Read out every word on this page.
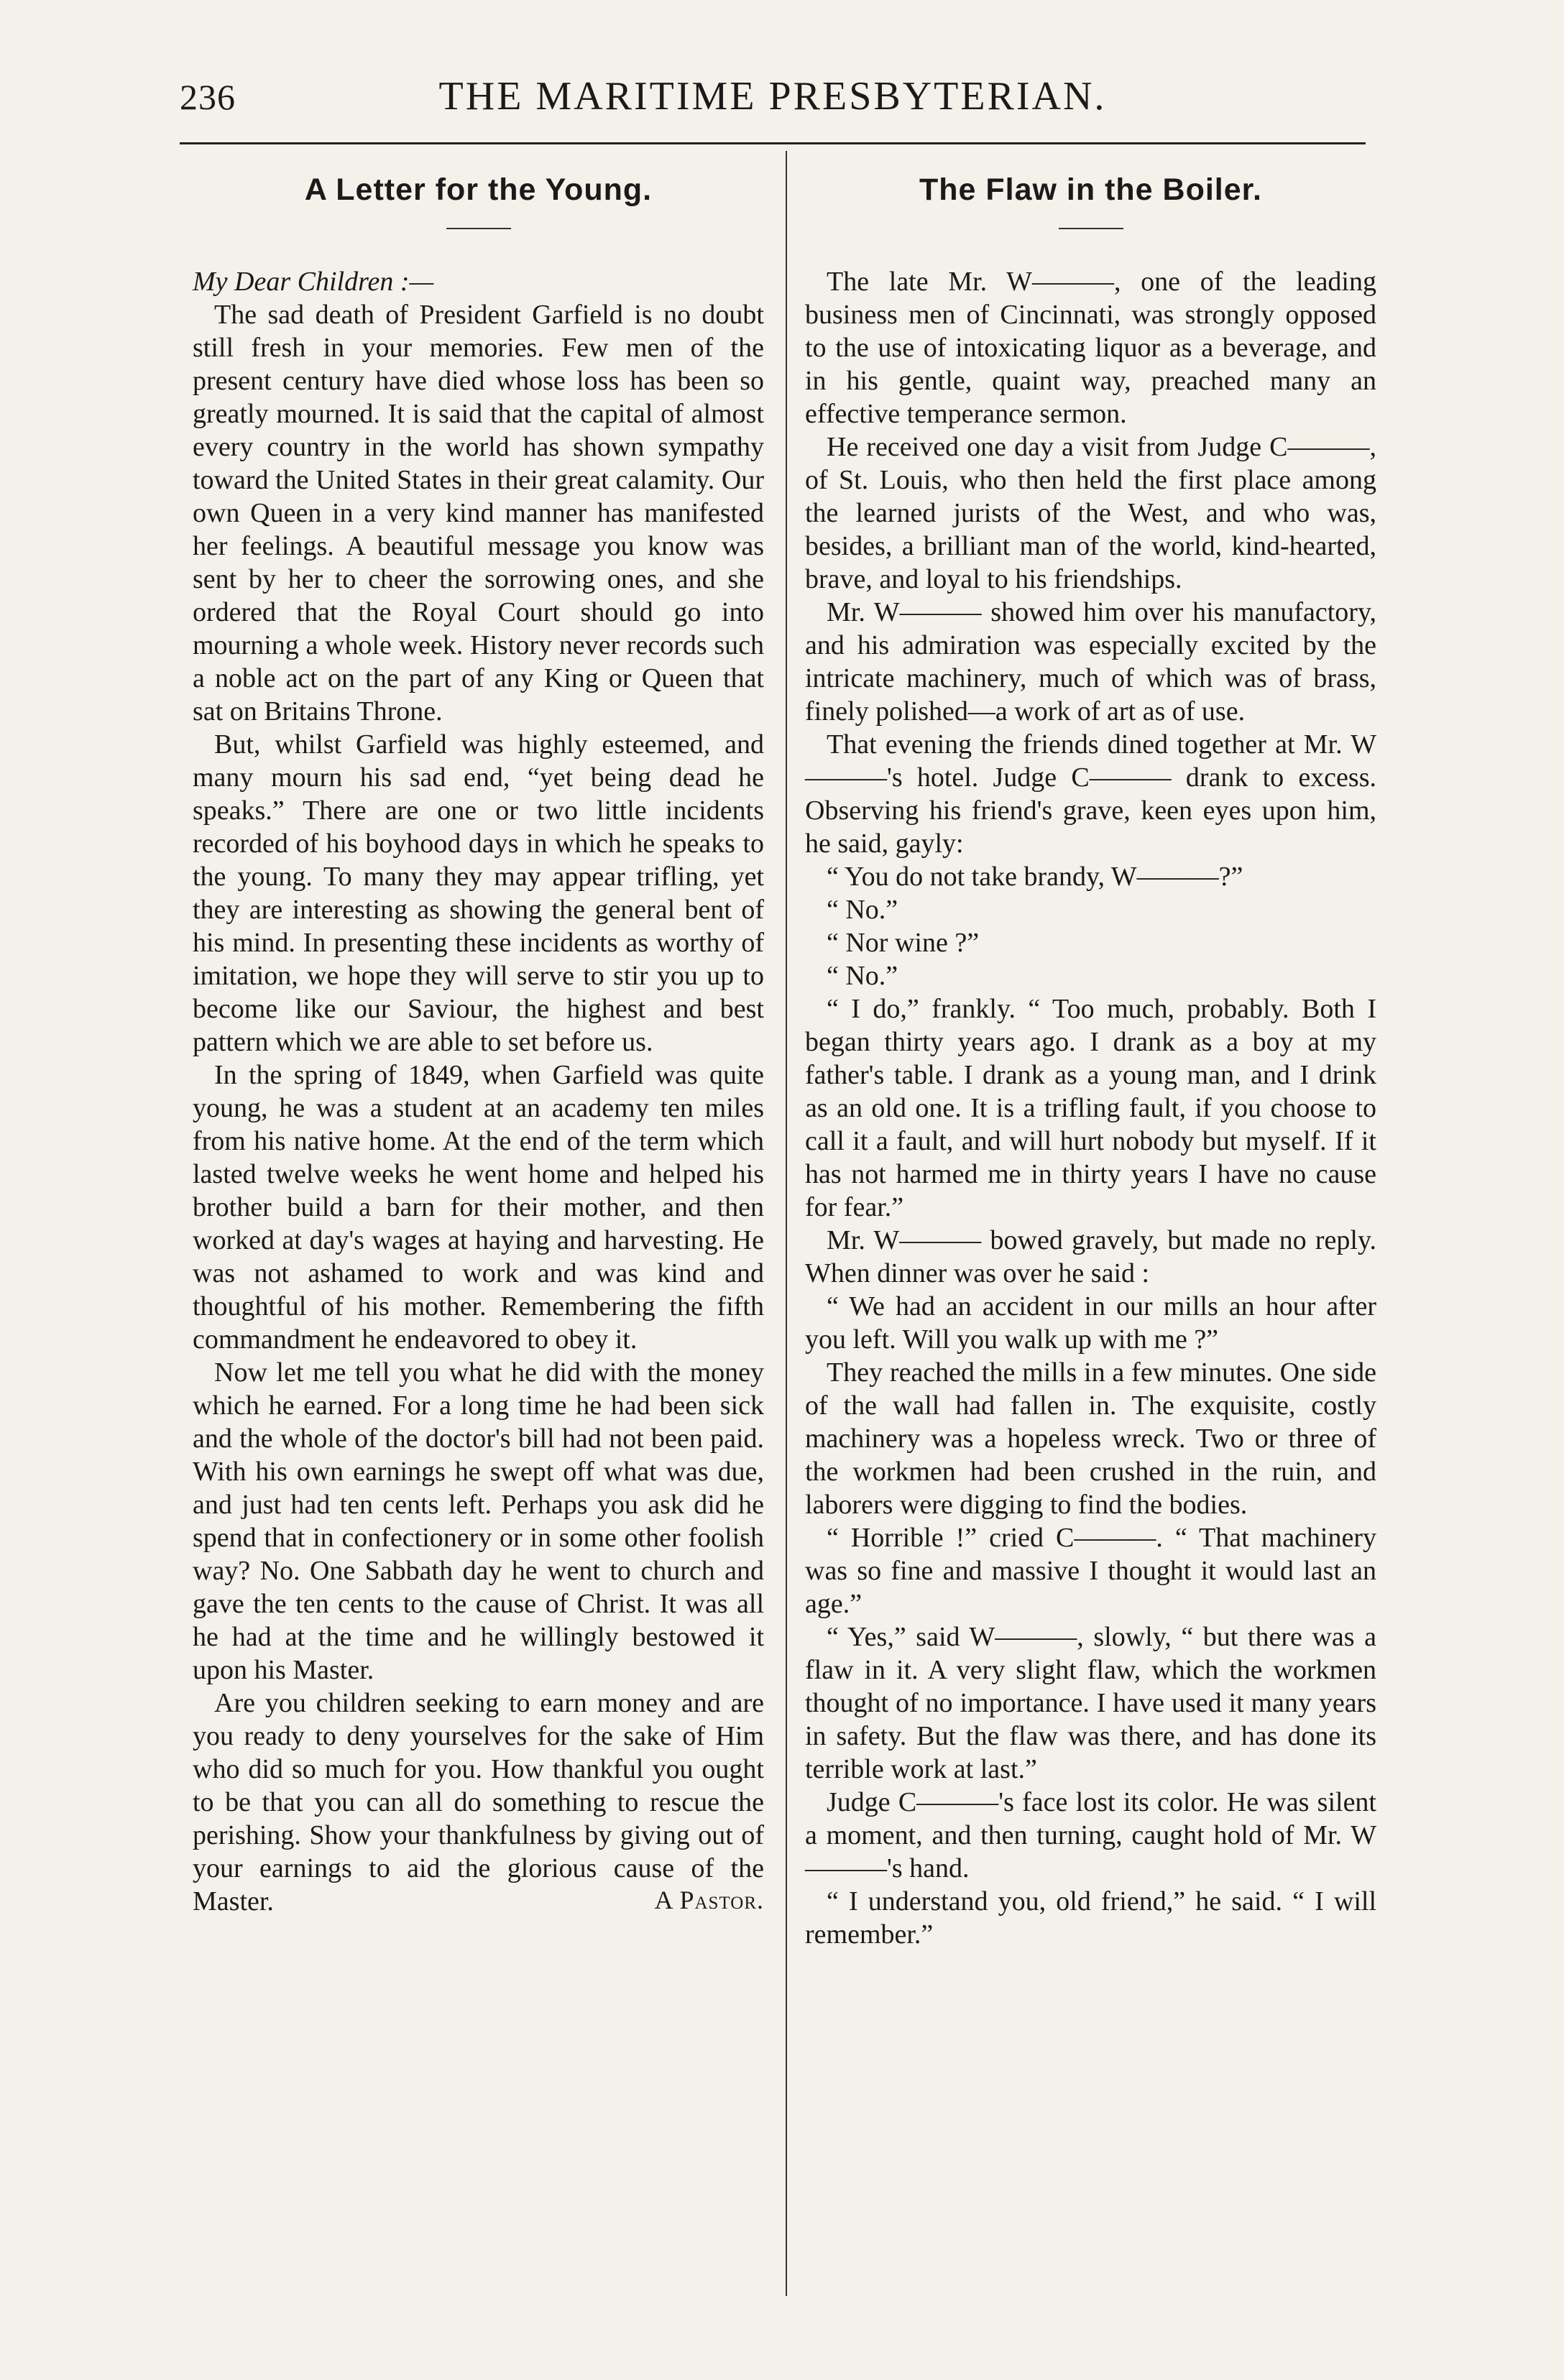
236	THE MARITIME PRESBYTERIAN.
A Letter for the Young.

My Dear Children :—

The sad death of President Garfield is no doubt still fresh in your memories. Few men of the present century have died whose loss has been so greatly mourned. It is said that the capital of almost every country in the world has shown sympathy toward the United States in their great calamity. Our own Queen in a very kind manner has manifested her feelings. A beautiful message you know was sent by her to cheer the sorrowing ones, and she ordered that the Royal Court should go into mourning a whole week. History never records such a noble act on the part of any King or Queen that sat on Britains Throne.

But, whilst Garfield was highly esteemed, and many mourn his sad end, “yet being dead he speaks.” There are one or two little incidents recorded of his boyhood days in which he speaks to the young. To many they may appear trifling, yet they are interesting as showing the general bent of his mind. In presenting these incidents as worthy of imitation, we hope they will serve to stir you up to become like our Saviour, the highest and best pattern which we are able to set before us.

In the spring of 1849, when Garfield was quite young, he was a student at an academy ten miles from his native home. At the end of the term which lasted twelve weeks he went home and helped his brother build a barn for their mother, and then worked at day's wages at haying and harvesting. He was not ashamed to work and was kind and thoughtful of his mother. Remembering the fifth commandment he endeavored to obey it.

Now let me tell you what he did with the money which he earned. For a long time he had been sick and the whole of the doctor's bill had not been paid. With his own earnings he swept off what was due, and just had ten cents left. Perhaps you ask did he spend that in confectionery or in some other foolish way? No. One Sabbath day he went to church and gave the ten cents to the cause of Christ. It was all he had at the time and he willingly bestowed it upon his Master.

Are you children seeking to earn money and are you ready to deny yourselves for the sake of Him who did so much for you. How thankful you ought to be that you can all do something to rescue the perishing. Show your thankfulness by giving out of your earnings to aid the glorious cause of the Master.	A Pastor.
The Flaw in the Boiler.

The late Mr. W———, one of the leading business men of Cincinnati, was strongly opposed to the use of intoxicating liquor as a beverage, and in his gentle, quaint way, preached many an effective temperance sermon.

He received one day a visit from Judge C———, of St. Louis, who then held the first place among the learned jurists of the West, and who was, besides, a brilliant man of the world, kind-hearted, brave, and loyal to his friendships.

Mr. W——— showed him over his manufactory, and his admiration was especially excited by the intricate machinery, much of which was of brass, finely polished—a work of art as of use.

That evening the friends dined together at Mr. W———'s hotel. Judge C——— drank to excess. Observing his friend's grave, keen eyes upon him, he said, gayly:

“ You do not take brandy, W———?”

“ No.”

“ Nor wine ?”

“ No.”

“ I do,” frankly. “ Too much, probably. Both I began thirty years ago. I drank as a boy at my father's table. I drank as a young man, and I drink as an old one. It is a trifling fault, if you choose to call it a fault, and will hurt nobody but myself. If it has not harmed me in thirty years I have no cause for fear.”

Mr. W——— bowed gravely, but made no reply. When dinner was over he said :

“ We had an accident in our mills an hour after you left. Will you walk up with me ?”

They reached the mills in a few minutes. One side of the wall had fallen in. The exquisite, costly machinery was a hopeless wreck. Two or three of the workmen had been crushed in the ruin, and laborers were digging to find the bodies.

“ Horrible !” cried C———. “ That machinery was so fine and massive I thought it would last an age.”

“ Yes,” said W———, slowly, “ but there was a flaw in it. A very slight flaw, which the workmen thought of no importance. I have used it many years in safety. But the flaw was there, and has done its terrible work at last.”

Judge C———'s face lost its color. He was silent a moment, and then turning, caught hold of Mr. W———'s hand.

“ I understand you, old friend,” he said. “ I will remember.”
